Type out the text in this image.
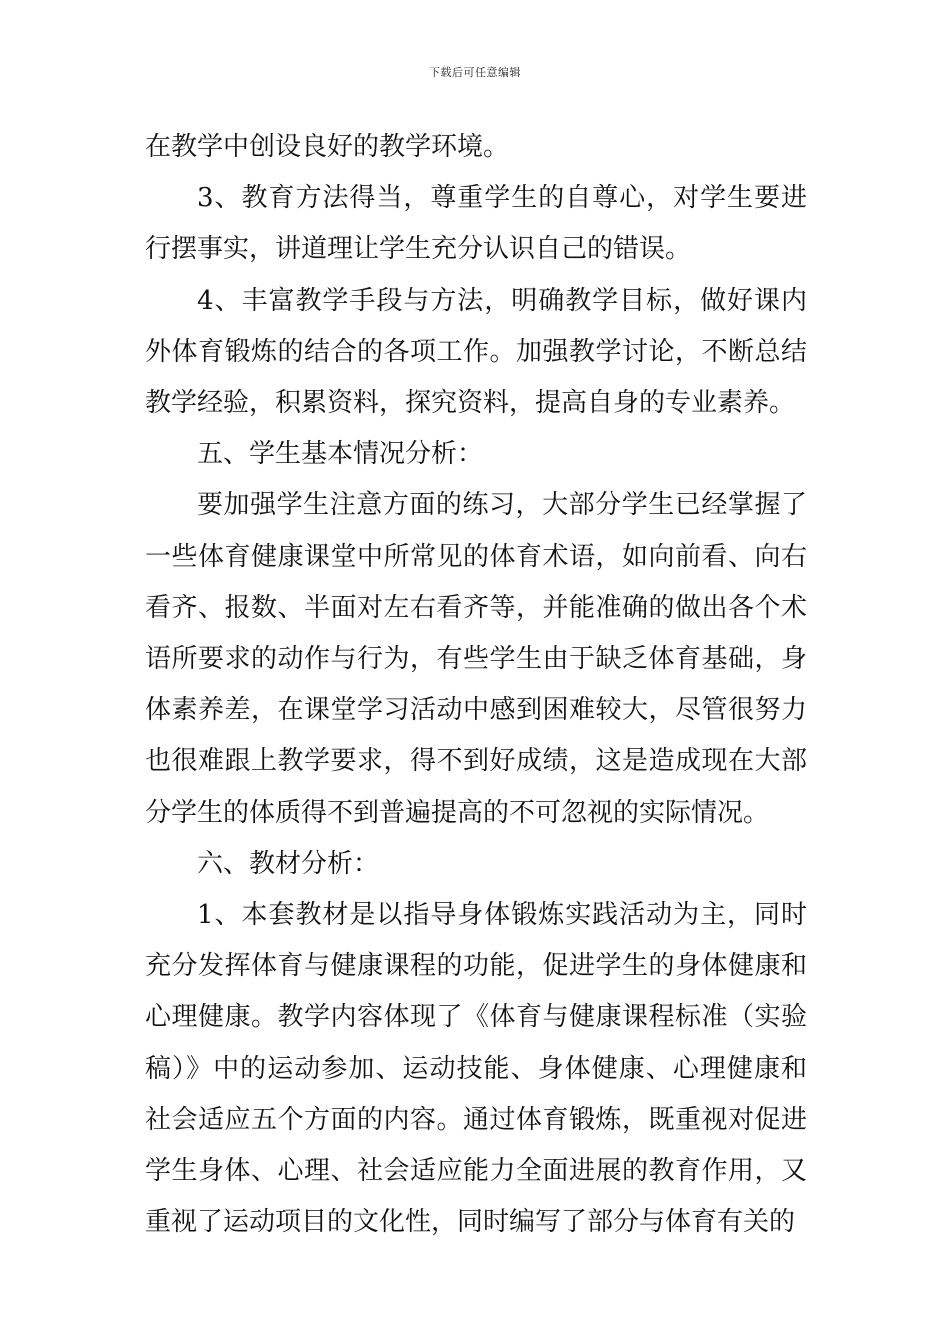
下载后可任意编辑

在教学中创设良好的教学环境。

3、教育方法得当，尊重学生的自尊心，对学生要进行摆事实，讲道理让学生充分认识自己的错误。

4、丰富教学手段与方法，明确教学目标，做好课内外体育锻炼的结合的各项工作。加强教学讨论，不断总结教学经验，积累资料，探究资料，提高自身的专业素养。

五、学生基本情况分析：

要加强学生注意方面的练习，大部分学生已经掌握了一些体育健康课堂中所常见的体育术语，如向前看、向右看齐、报数、半面对左右看齐等，并能准确的做出各个术语所要求的动作与行为，有些学生由于缺乏体育基础，身体素养差，在课堂学习活动中感到困难较大，尽管很努力也很难跟上教学要求，得不到好成绩，这是造成现在大部分学生的体质得不到普遍提高的不可忽视的实际情况。

六、教材分析：

1、本套教材是以指导身体锻炼实践活动为主，同时充分发挥体育与健康课程的功能，促进学生的身体健康和心理健康。教学内容体现了《体育与健康课程标准（实验稿）》中的运动参加、运动技能、身体健康、心理健康和社会适应五个方面的内容。通过体育锻炼，既重视对促进学生身体、心理、社会适应能力全面进展的教育作用，又重视了运动项目的文化性，同时编写了部分与体育有关的
